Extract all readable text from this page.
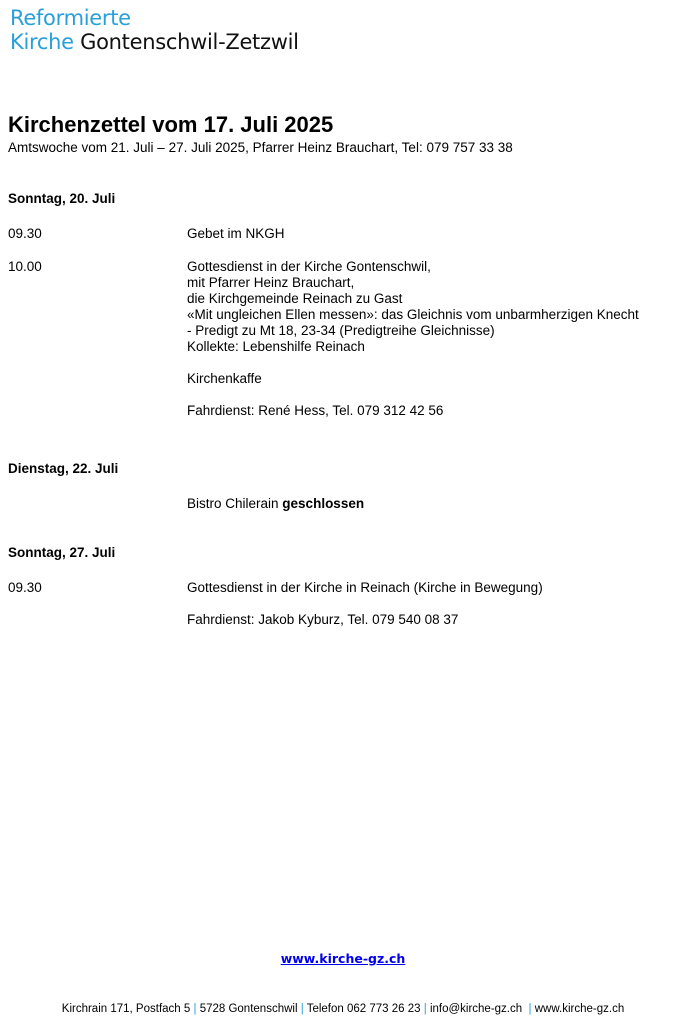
Reformierte
Kirche Gontenschwil-Zetzwil
Kirchenzettel vom 17. Juli 2025
Amtswoche vom 21. Juli – 27. Juli 2025, Pfarrer Heinz Brauchart, Tel: 079 757 33 38
Sonntag, 20. Juli
09.30	Gebet im NKGH
10.00	Gottesdienst in der Kirche Gontenschwil,
mit Pfarrer Heinz Brauchart,
die Kirchgemeinde Reinach zu Gast
«Mit ungleichen Ellen messen»: das Gleichnis vom unbarmherzigen Knecht
- Predigt zu Mt 18, 23-34 (Predigtreihe Gleichnisse)
Kollekte: Lebenshilfe Reinach
Kirchenkaffe
Fahrdienst: René Hess, Tel. 079 312 42 56
Dienstag, 22. Juli
Bistro Chilerain geschlossen
Sonntag, 27. Juli
09.30	Gottesdienst in der Kirche in Reinach (Kirche in Bewegung)
Fahrdienst: Jakob Kyburz, Tel. 079 540 08 37
www.kirche-gz.ch
Kirchrain 171, Postfach 5 | 5728 Gontenschwil | Telefon 062 773 26 23 | info@kirche-gz.ch | www.kirche-gz.ch
